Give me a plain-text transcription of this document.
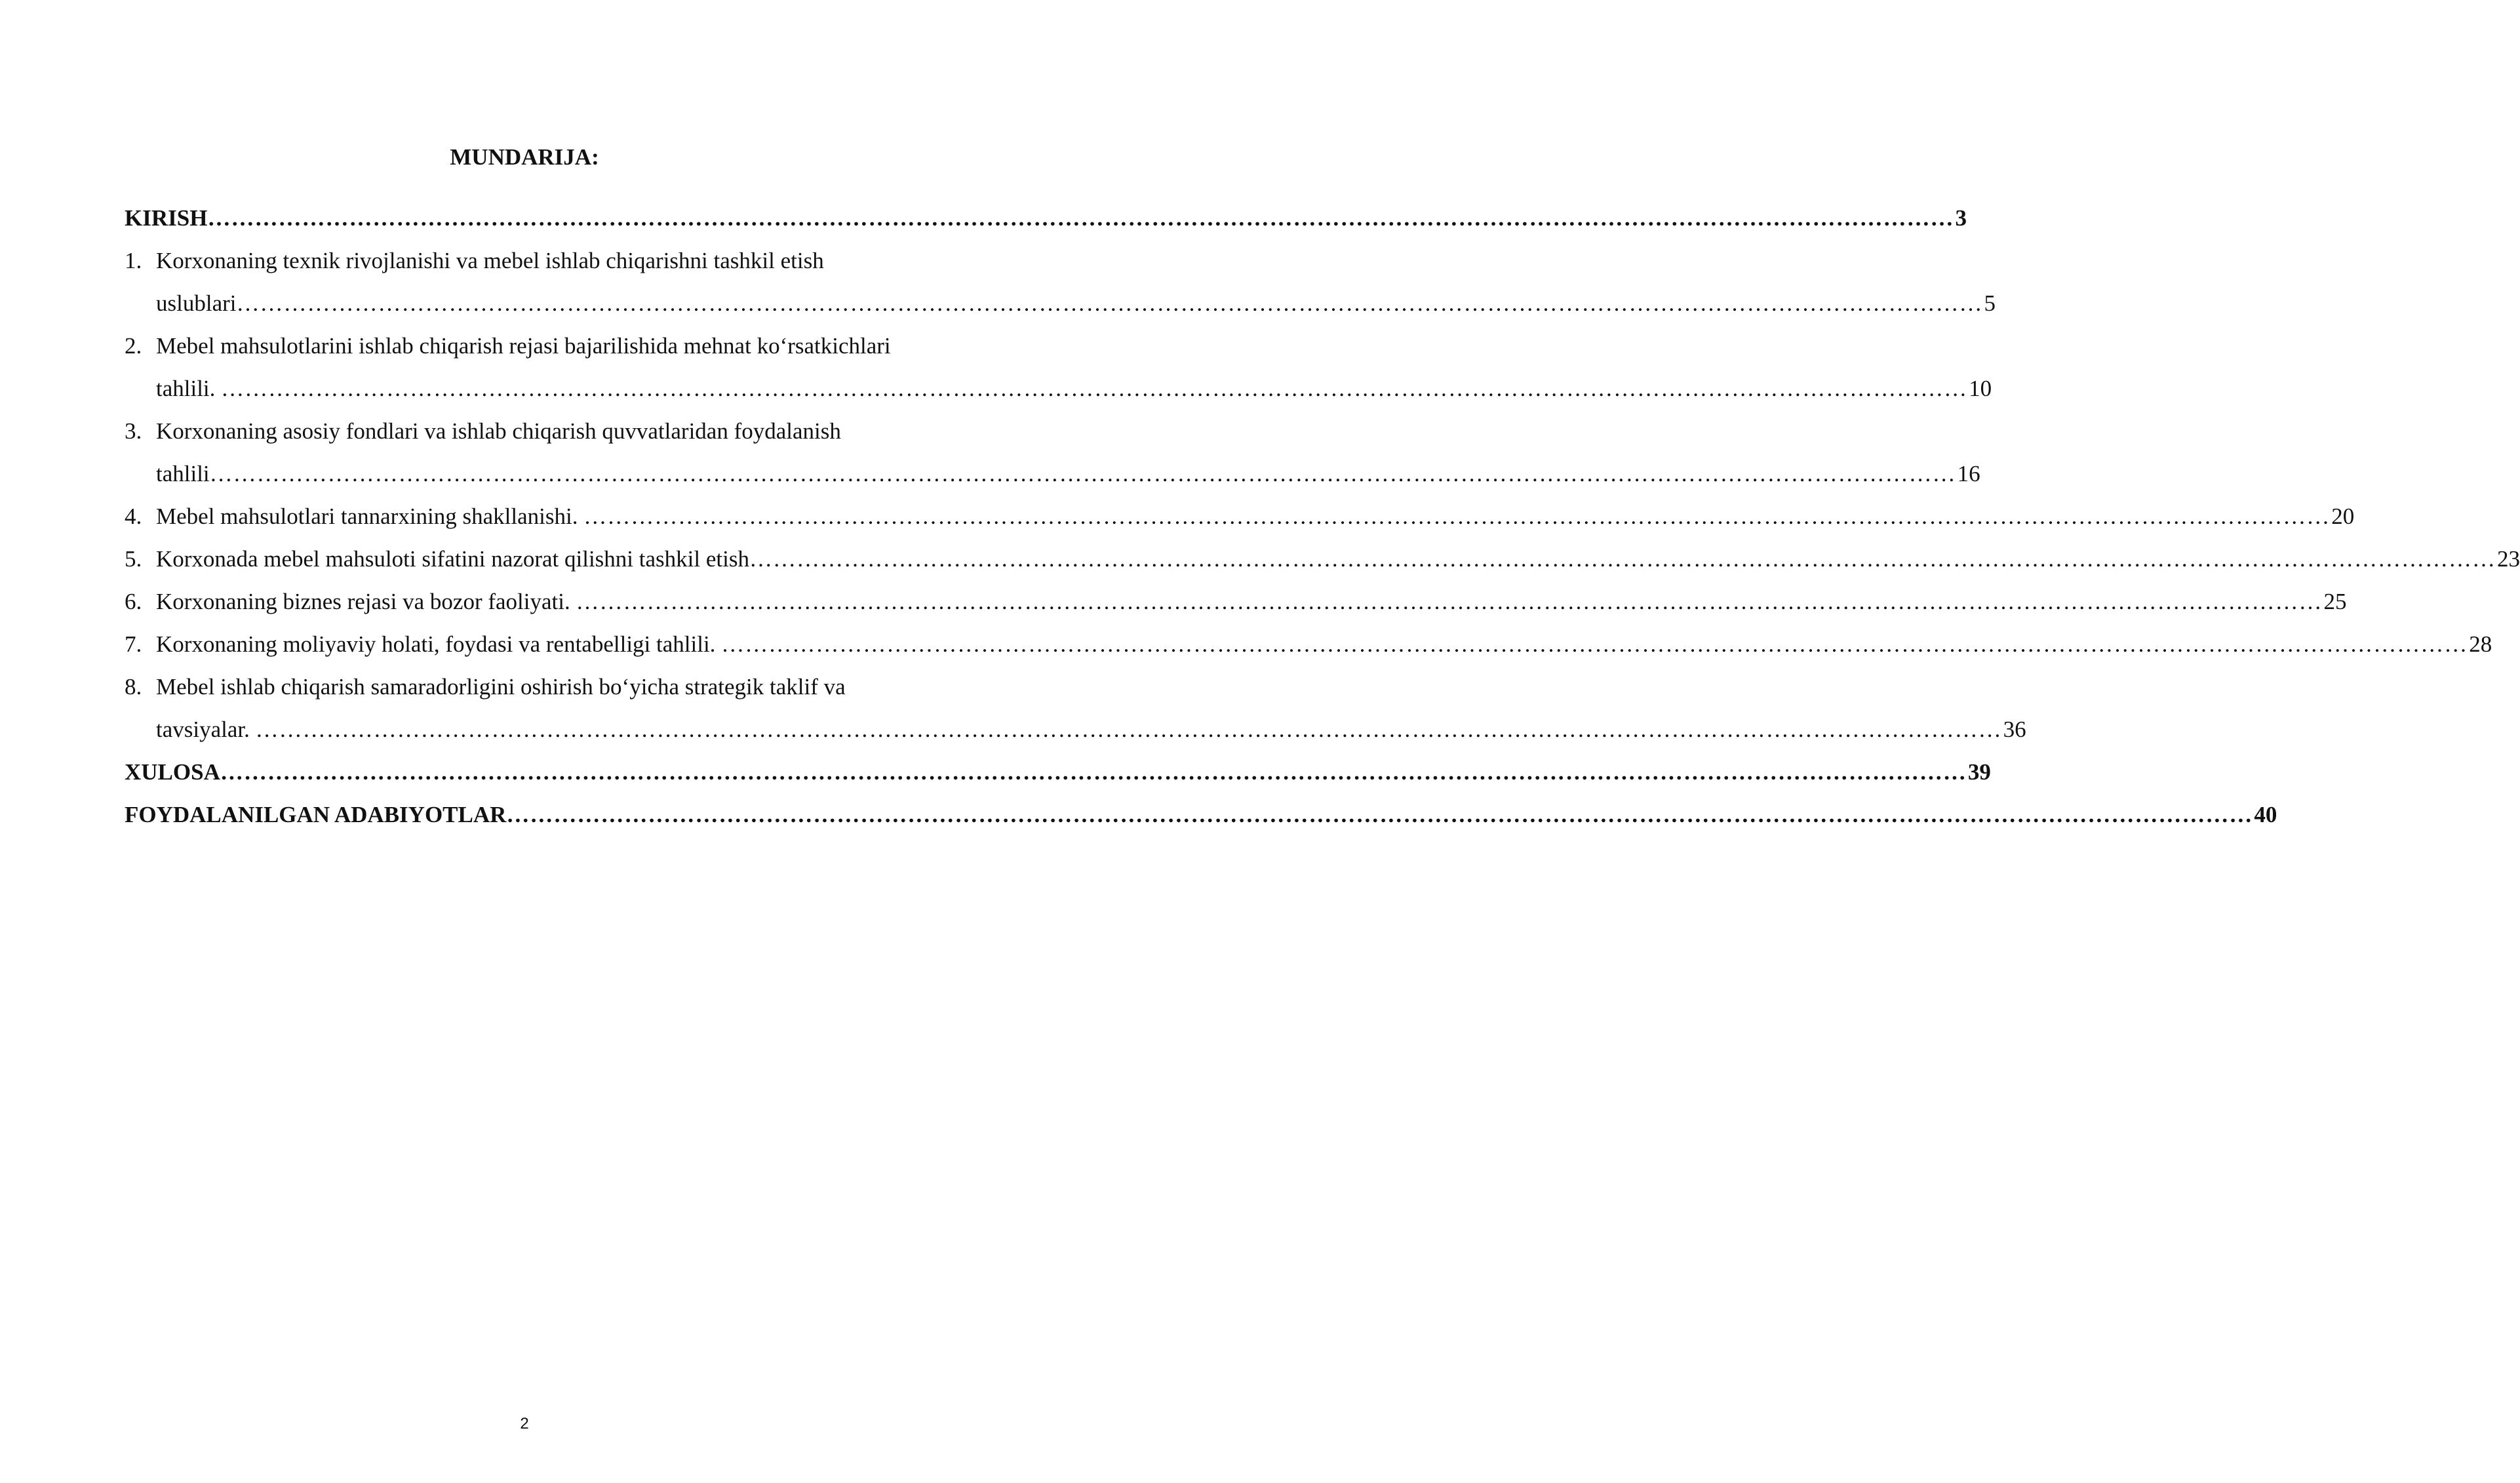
MUNDARIJA:
KIRISH ……………………………………………………………………………………………………………………………………………………………………………………………………	3
1. Korxonaning texnik rivojlanishi va mebel ishlab chiqarishni tashkil etish
uslublari ……………………………………………………………………………………………………………………………………………………………………………………………………	5
2. Mebel mahsulotlarini ishlab chiqarish rejasi bajarilishida mehnat ko‘rsatkichlari
tahlili. ……………………………………………………………………………………………………………………………………………………………………………………………………	10
3. Korxonaning asosiy fondlari va ishlab chiqarish quvvatlaridan foydalanish
tahlili ……………………………………………………………………………………………………………………………………………………………………………………………………	16
4. Mebel mahsulotlari tannarxining shakllanishi. ……………………………………………………………………………………………………………………………………………………………………………………………………	20
5. Korxonada mebel mahsuloti sifatini nazorat qilishni tashkil etish ……………………………………………………………………………………………………………………………………………………………………………………………………	23
6. Korxonaning biznes rejasi va bozor faoliyati. ……………………………………………………………………………………………………………………………………………………………………………………………………	25
7. Korxonaning moliyaviy holati, foydasi va rentabelligi tahlili. ……………………………………………………………………………………………………………………………………………………………………………………………………	28
8. Mebel ishlab chiqarish samaradorligini oshirish bo‘yicha strategik taklif va
tavsiyalar. ……………………………………………………………………………………………………………………………………………………………………………………………………	36
XULOSA ……………………………………………………………………………………………………………………………………………………………………………………………………	39
FOYDALANILGAN ADABIYOTLAR ……………………………………………………………………………………………………………………………………………………………………………………………………	40
2
